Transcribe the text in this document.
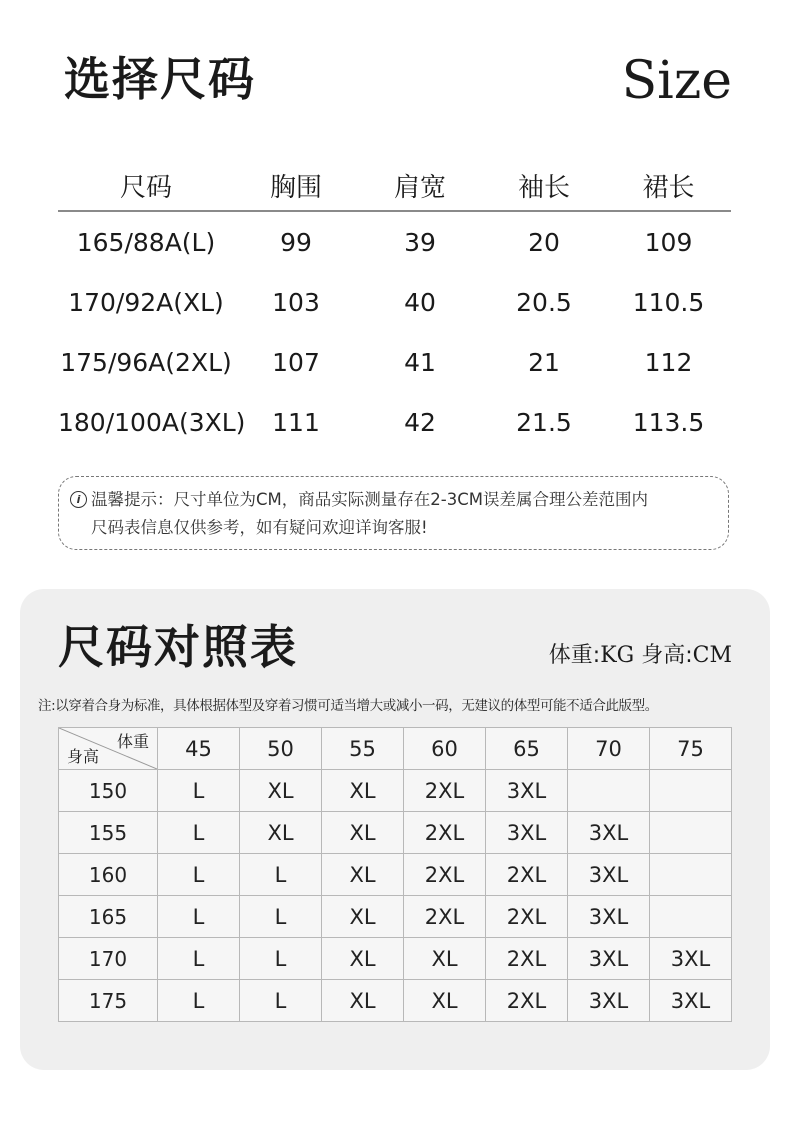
选择尺码	Size
尺码	胸围	肩宽	袖长	裙长
165/88A(L)	99	39	20	109
170/92A(XL)	103	40	20.5	110.5
175/96A(2XL)	107	41	21	112
180/100A(3XL)	111	42	21.5	113.5
i 温馨提示：尺寸单位为CM，商品实际测量存在2-3CM误差属合理公差范围内
尺码表信息仅供参考，如有疑问欢迎详询客服!
尺码对照表	体重:KG 身高:CM
注:以穿着合身为标准，具体根据体型及穿着习惯可适当增大或减小一码，无建议的体型可能不适合此版型。
体重
身高	45	50	55	60	65	70	75
150	L	XL	XL	2XL	3XL		
155	L	XL	XL	2XL	3XL	3XL	
160	L	L	XL	2XL	2XL	3XL	
165	L	L	XL	2XL	2XL	3XL	
170	L	L	XL	XL	2XL	3XL	3XL
175	L	L	XL	XL	2XL	3XL	3XL
